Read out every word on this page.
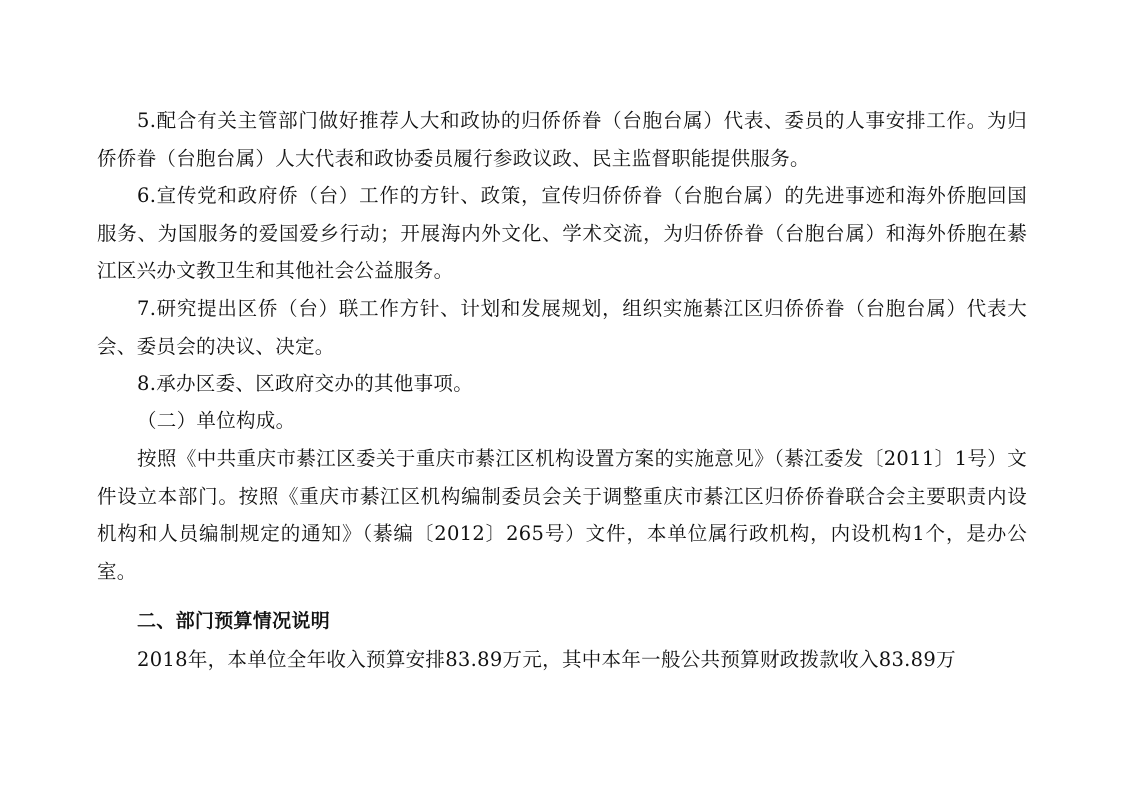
5.配合有关主管部门做好推荐人大和政协的归侨侨眷（台胞台属）代表、委员的人事安排工作。为归侨侨眷（台胞台属）人大代表和政协委员履行参政议政、民主监督职能提供服务。

6.宣传党和政府侨（台）工作的方针、政策，宣传归侨侨眷（台胞台属）的先进事迹和海外侨胞回国服务、为国服务的爱国爱乡行动；开展海内外文化、学术交流，为归侨侨眷（台胞台属）和海外侨胞在綦江区兴办文教卫生和其他社会公益服务。

7.研究提出区侨（台）联工作方针、计划和发展规划，组织实施綦江区归侨侨眷（台胞台属）代表大会、委员会的决议、决定。

8.承办区委、区政府交办的其他事项。

（二）单位构成。

按照《中共重庆市綦江区委关于重庆市綦江区机构设置方案的实施意见》（綦江委发〔2011〕1号）文件设立本部门。按照《重庆市綦江区机构编制委员会关于调整重庆市綦江区归侨侨眷联合会主要职责内设机构和人员编制规定的通知》（綦编〔2012〕265号）文件，本单位属行政机构，内设机构1个，是办公室。

二、部门预算情况说明

2018年，本单位全年收入预算安排83.89万元，其中本年一般公共预算财政拨款收入83.89万
